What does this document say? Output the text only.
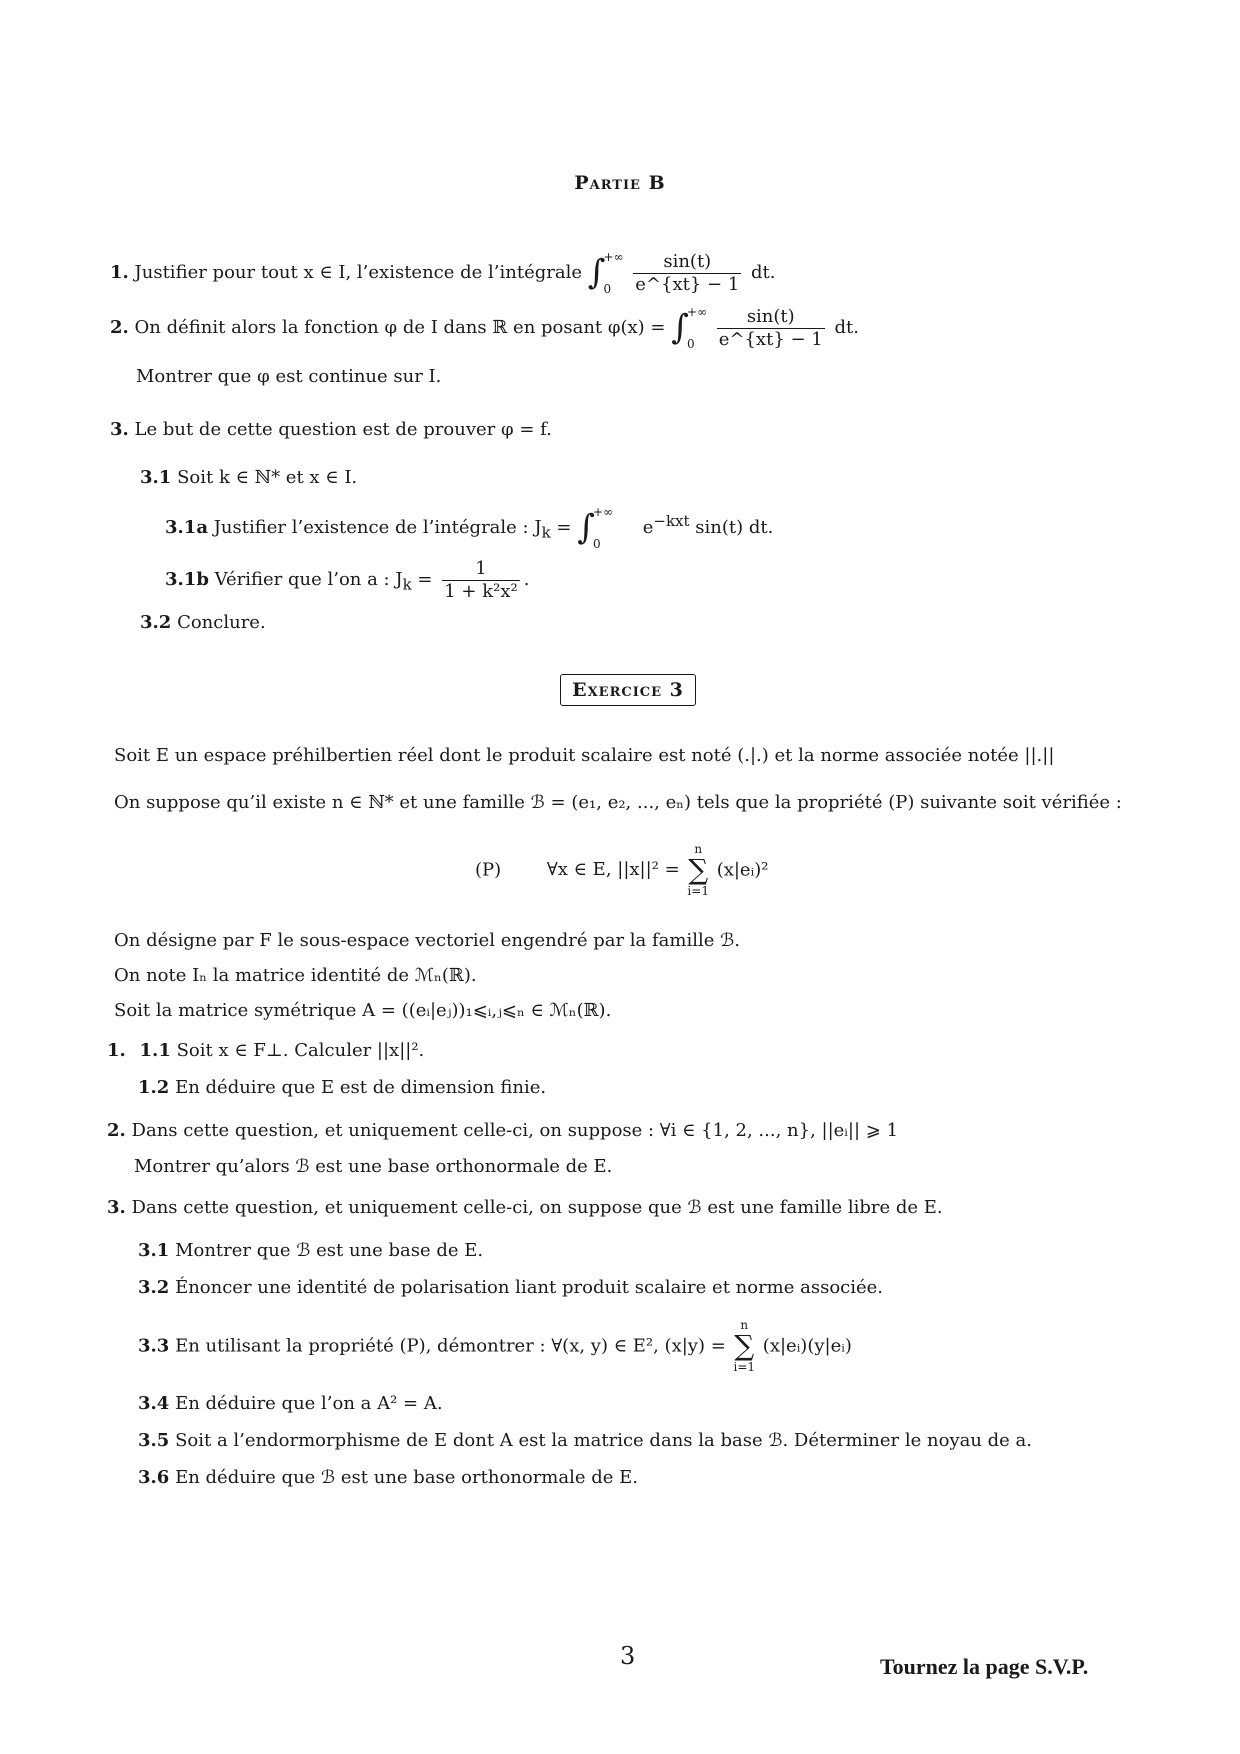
Partie B
1. Justifier pour tout x ∈ I, l’existence de l’intégrale ∫
+∞
0
	$\frac{\sin(t)}{e\^{}\{xt\} - 1}$ dt.
2. On définit alors la fonction φ de I dans ℝ en posant φ(x) = ∫
+∞
0
	$\frac{\sin(t)}{e\^{}\{xt\} - 1}$ dt.
Montrer que φ est continue sur I.
3. Le but de cette question est de prouver φ = f.
3.1 Soit k ∈ ℕ* et x ∈ I.
3.1a Justifier l’existence de l’intégrale : $J_k$ = ∫
+∞
0
$e^{-kxt}$ sin(t) dt.
3.1b Vérifier que l’on a : $J_k = \frac{1}{\text{1 + k²x²}}$ .
3.2 Conclure.
Exercice 3
Soit E un espace préhilbertien réel dont le produit scalaire est noté (.|.) et la norme associée notée ||.||
On suppose qu’il existe n ∈ ℕ* et une famille ℬ = (e₁, e₂, ..., eₙ) tels que la propriété (P) suivante soit vérifiée :
(P)	∀x ∈ E, ||x||² =
n
∑
i=1
(x|eᵢ)²
On désigne par F le sous-espace vectoriel engendré par la famille ℬ.
On note Iₙ la matrice identité de ℳₙ(ℝ).
Soit la matrice symétrique A = ((eᵢ|eⱼ))₁⩽ᵢ,ⱼ⩽ₙ ∈ ℳₙ(ℝ).
1. 1.1 Soit x ∈ F⊥. Calculer ||x||².
1.2 En déduire que E est de dimension finie.
2. Dans cette question, et uniquement celle-ci, on suppose : ∀i ∈ {1, 2, ..., n}, ||eᵢ|| ⩾ 1
Montrer qu’alors ℬ est une base orthonormale de E.
3. Dans cette question, et uniquement celle-ci, on suppose que ℬ est une famille libre de E.
3.1 Montrer que ℬ est une base de E.
3.2 Énoncer une identité de polarisation liant produit scalaire et norme associée.
3.3 En utilisant la propriété (P), démontrer : ∀(x, y) ∈ E², (x|y) =
n
∑
i=1
(x|eᵢ)(y|eᵢ)
3.4 En déduire que l’on a A² = A.
3.5 Soit a l’endormorphisme de E dont A est la matrice dans la base ℬ. Déterminer le noyau de a.
3.6 En déduire que ℬ est une base orthonormale de E.
3	Tournez la page S.V.P.
